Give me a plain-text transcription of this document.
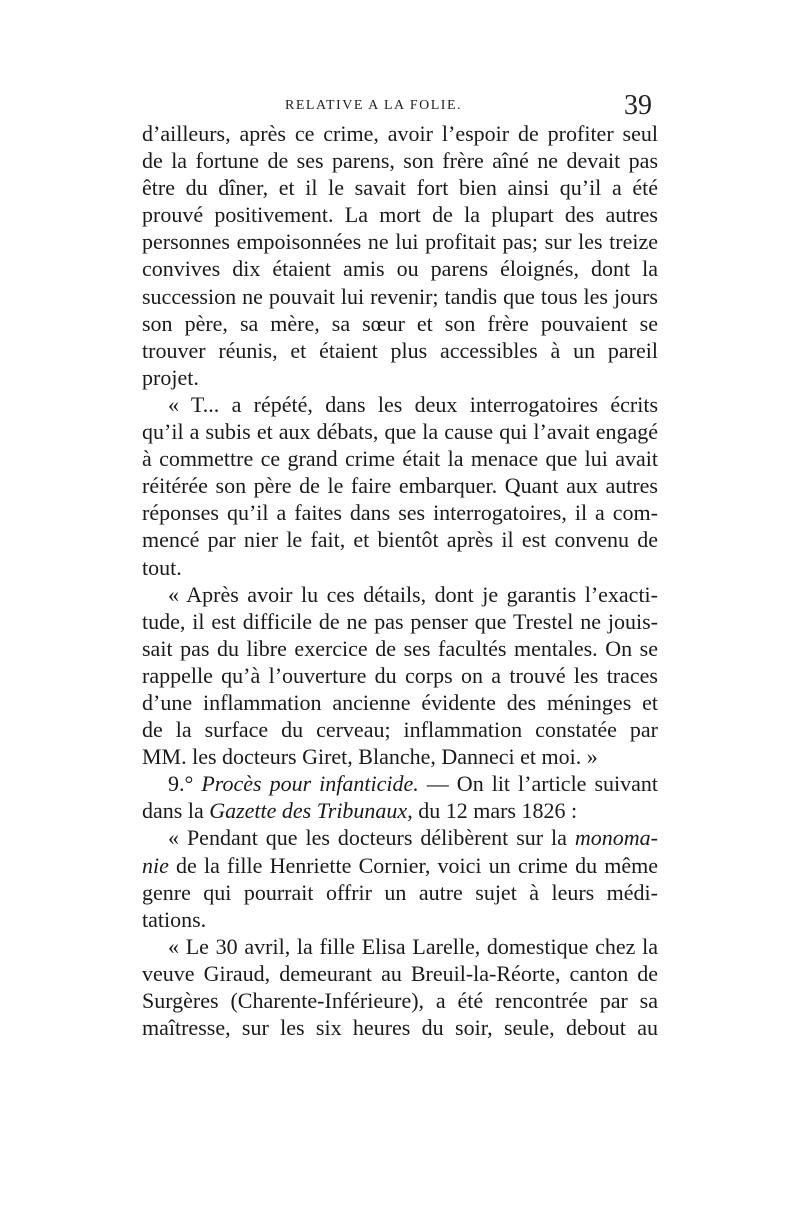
RELATIVE A LA FOLIE.	39
d’ailleurs, après ce crime, avoir l’espoir de profiter seul
de la fortune de ses parens, son frère aîné ne devait pas
être du dîner, et il le savait fort bien ainsi qu’il a été
prouvé positivement. La mort de la plupart des autres
personnes empoisonnées ne lui profitait pas; sur les treize
convives dix étaient amis ou parens éloignés, dont la
succession ne pouvait lui revenir; tandis que tous les jours
son père, sa mère, sa sœur et son frère pouvaient se
trouver réunis, et étaient plus accessibles à un pareil
projet.
« T... a répété, dans les deux interrogatoires écrits
qu’il a subis et aux débats, que la cause qui l’avait engagé
à commettre ce grand crime était la menace que lui avait
réitérée son père de le faire embarquer. Quant aux autres
réponses qu’il a faites dans ses interrogatoires, il a com-
mencé par nier le fait, et bientôt après il est convenu de
tout.
« Après avoir lu ces détails, dont je garantis l’exacti-
tude, il est difficile de ne pas penser que Trestel ne jouis-
sait pas du libre exercice de ses facultés mentales. On se
rappelle qu’à l’ouverture du corps on a trouvé les traces
d’une inflammation ancienne évidente des méninges et
de la surface du cerveau; inflammation constatée par
MM. les docteurs Giret, Blanche, Danneci et moi. »
9.° Procès pour infanticide. — On lit l’article suivant
dans la Gazette des Tribunaux, du 12 mars 1826 :
« Pendant que les docteurs délibèrent sur la monoma-
nie de la fille Henriette Cornier, voici un crime du même
genre qui pourrait offrir un autre sujet à leurs médi-
tations.
« Le 30 avril, la fille Elisa Larelle, domestique chez la
veuve Giraud, demeurant au Breuil-la-Réorte, canton de
Surgères (Charente-Inférieure), a été rencontrée par sa
maîtresse, sur les six heures du soir, seule, debout au
